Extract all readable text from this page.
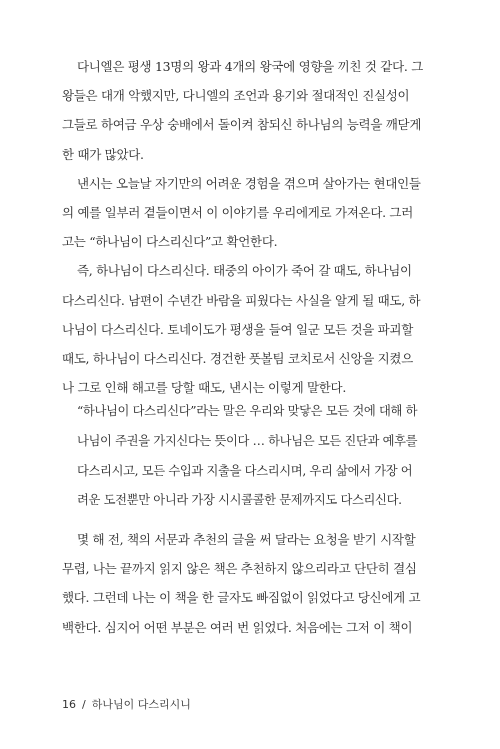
다니엘은 평생 13명의 왕과 4개의 왕국에 영향을 끼친 것 같다. 그
왕들은 대개 악했지만, 다니엘의 조언과 용기와 절대적인 진실성이
그들로 하여금 우상 숭배에서 돌이켜 참되신 하나님의 능력을 깨닫게
한 때가 많았다.
낸시는 오늘날 자기만의 어려운 경험을 겪으며 살아가는 현대인들
의 예를 일부러 곁들이면서 이 이야기를 우리에게로 가져온다. 그러
고는 “하나님이 다스리신다”고 확언한다.
즉, 하나님이 다스리신다. 태중의 아이가 죽어 갈 때도, 하나님이
다스리신다. 남편이 수년간 바람을 피웠다는 사실을 알게 될 때도, 하
나님이 다스리신다. 토네이도가 평생을 들여 일군 모든 것을 파괴할
때도, 하나님이 다스리신다. 경건한 풋볼팀 코치로서 신앙을 지켰으
나 그로 인해 해고를 당할 때도, 낸시는 이렇게 말한다.
“하나님이 다스리신다”라는 말은 우리와 맞닿은 모든 것에 대해 하
나님이 주권을 가지신다는 뜻이다 … 하나님은 모든 진단과 예후를
다스리시고, 모든 수입과 지출을 다스리시며, 우리 삶에서 가장 어
려운 도전뿐만 아니라 가장 시시콜콜한 문제까지도 다스리신다.
몇 해 전, 책의 서문과 추천의 글을 써 달라는 요청을 받기 시작할
무렵, 나는 끝까지 읽지 않은 책은 추천하지 않으리라고 단단히 결심
했다. 그런데 나는 이 책을 한 글자도 빠짐없이 읽었다고 당신에게 고
백한다. 심지어 어떤 부분은 여러 번 읽었다. 처음에는 그저 이 책이
16 / 하나님이 다스리시니
